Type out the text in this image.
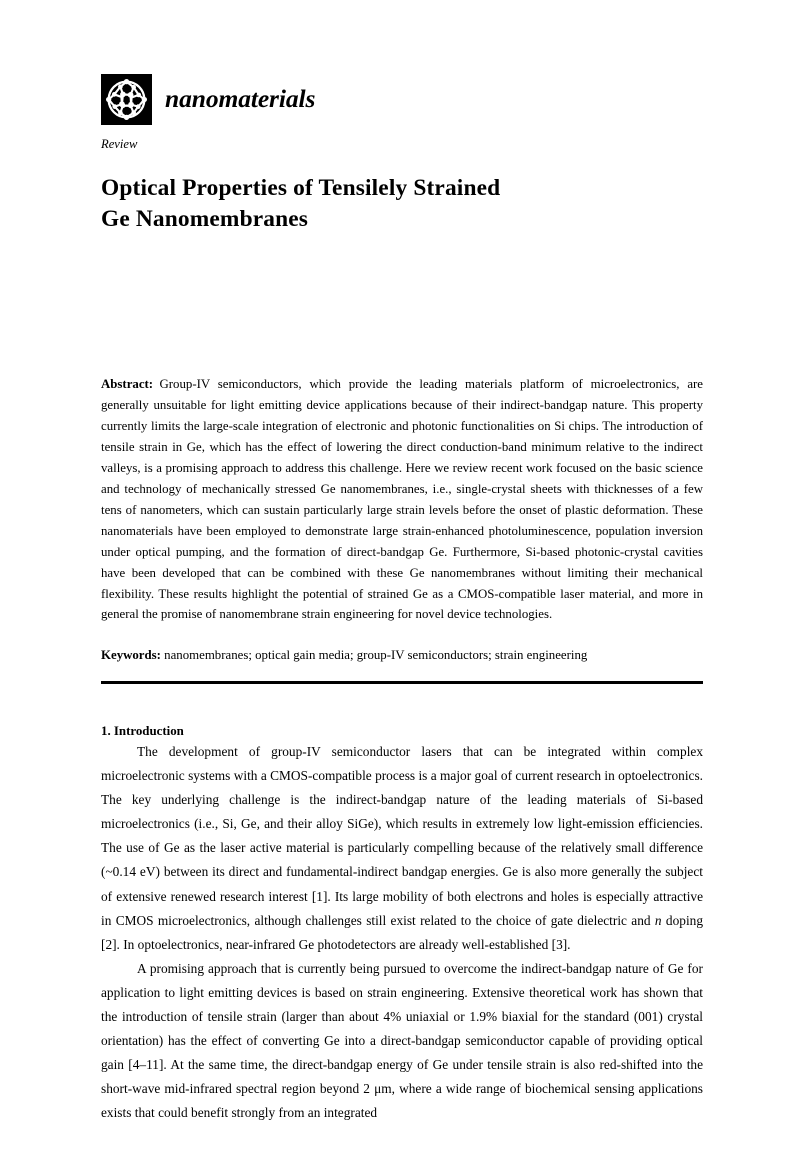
nanomaterials
Review
Optical Properties of Tensilely Strained
Ge Nanomembranes
Abstract: Group-IV semiconductors, which provide the leading materials platform of microelectronics, are generally unsuitable for light emitting device applications because of their indirect-bandgap nature. This property currently limits the large-scale integration of electronic and photonic functionalities on Si chips. The introduction of tensile strain in Ge, which has the effect of lowering the direct conduction-band minimum relative to the indirect valleys, is a promising approach to address this challenge. Here we review recent work focused on the basic science and technology of mechanically stressed Ge nanomembranes, i.e., single-crystal sheets with thicknesses of a few tens of nanometers, which can sustain particularly large strain levels before the onset of plastic deformation. These nanomaterials have been employed to demonstrate large strain-enhanced photoluminescence, population inversion under optical pumping, and the formation of direct-bandgap Ge. Furthermore, Si-based photonic-crystal cavities have been developed that can be combined with these Ge nanomembranes without limiting their mechanical flexibility. These results highlight the potential of strained Ge as a CMOS-compatible laser material, and more in general the promise of nanomembrane strain engineering for novel device technologies.
Keywords: nanomembranes; optical gain media; group-IV semiconductors; strain engineering
1. Introduction

The development of group-IV semiconductor lasers that can be integrated within complex microelectronic systems with a CMOS-compatible process is a major goal of current research in optoelectronics. The key underlying challenge is the indirect-bandgap nature of the leading materials of Si-based microelectronics (i.e., Si, Ge, and their alloy SiGe), which results in extremely low light-emission efficiencies. The use of Ge as the laser active material is particularly compelling because of the relatively small difference (~0.14 eV) between its direct and fundamental-indirect bandgap energies. Ge is also more generally the subject of extensive renewed research interest [1]. Its large mobility of both electrons and holes is especially attractive in CMOS microelectronics, although challenges still exist related to the choice of gate dielectric and n doping [2]. In optoelectronics, near-infrared Ge photodetectors are already well-established [3].

A promising approach that is currently being pursued to overcome the indirect-bandgap nature of Ge for application to light emitting devices is based on strain engineering. Extensive theoretical work has shown that the introduction of tensile strain (larger than about 4% uniaxial or 1.9% biaxial for the standard (001) crystal orientation) has the effect of converting Ge into a direct-bandgap semiconductor capable of providing optical gain [4–11]. At the same time, the direct-bandgap energy of Ge under tensile strain is also red-shifted into the short-wave mid-infrared spectral region beyond 2 μm, where a wide range of biochemical sensing applications exists that could benefit strongly from an integrated
